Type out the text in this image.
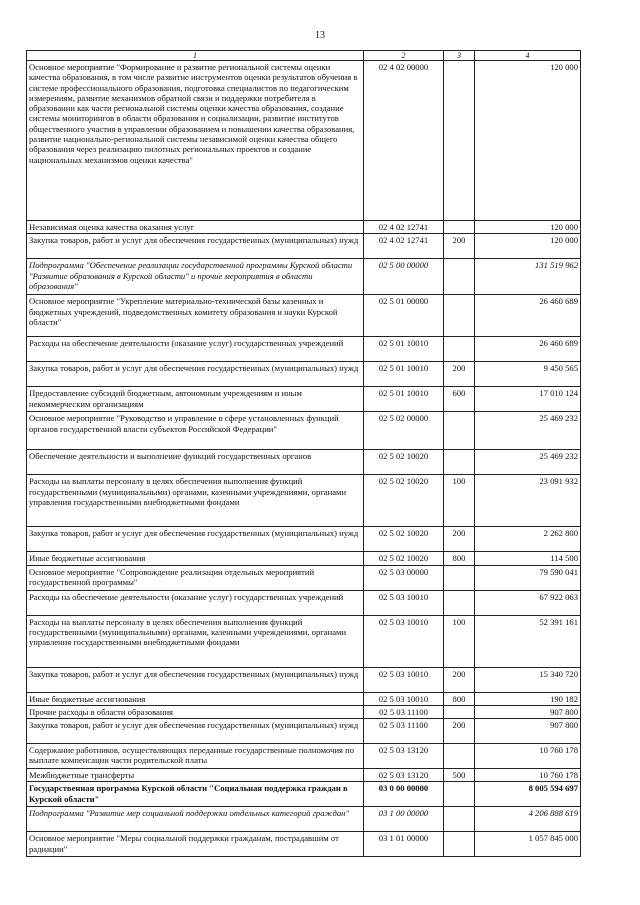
13
1	2	3	4
Основное мероприятие "Формирование и развитие региональной системы оценки качества образования, в том числе развитие инструментов оценки результатов обучения в системе профессионального образования, подготовка специалистов по педагогическим измерениям, развитие механизмов обратной связи и поддержки потребителя в образовании как части региональной системы оценки качества образования, создание системы мониторингов в области образования и социализации, развитие институтов общественного участия в управлении образованием и повышении качества образования, развитие национально-региональной системы независимой оценки качества общего образования через реализацию пилотных региональных проектов и создание национальных механизмов оценки качества"	02 4 02 00000		120 000
Независимая оценка качества оказания услуг	02 4 02 12741		120 000
Закупка товаров, работ и услуг для обеспечения государственных (муниципальных) нужд	02 4 02 12741	200	120 000
Подпрограмма "Обеспечение реализации государственной программы Курской области "Развитие образования в Курской области" и прочие мероприятия в области образования"	02 5 00 00000		131 519 962
Основное мероприятие "Укрепление материально-технической базы казенных и бюджетных учреждений, подведомственных комитету образования и науки Курской области"	02 5 01 00000		26 460 689
Расходы на обеспечение деятельности (оказание услуг) государственных учреждений	02 5 01 10010		26 460 689
Закупка товаров, работ и услуг для обеспечения государственных (муниципальных) нужд	02 5 01 10010	200	9 450 565
Предоставление субсидий бюджетным, автономным учреждениям и иным некоммерческим организациям	02 5 01 10010	600	17 010 124
Основное мероприятие "Руководство и управление в сфере установленных функций органов государственной власти субъектов Российской Федерации"	02 5 02 00000		25 469 232
Обеспечение деятельности и выполнение функций государственных органов	02 5 02 10020		25 469 232
Расходы на выплаты персоналу в целях обеспечения выполнения функций государственными (муниципальными) органами, казенными учреждениями, органами управления государственными внебюджетными фондами	02 5 02 10020	100	23 091 932
Закупка товаров, работ и услуг для обеспечения государственных (муниципальных) нужд	02 5 02 10020	200	2 262 800
Иные бюджетные ассигнования	02 5 02 10020	800	114 500
Основное мероприятие "Сопровождение реализации отдельных мероприятий государственной программы"	02 5 03 00000		79 590 041
Расходы на обеспечение деятельности (оказание услуг) государственных учреждений	02 5 03 10010		67 922 063
Расходы на выплаты персоналу в целях обеспечения выполнения функций государственными (муниципальными) органами, казенными учреждениями, органами управления государственными внебюджетными фондами	02 5 03 10010	100	52 391 161
Закупка товаров, работ и услуг для обеспечения государственных (муниципальных) нужд	02 5 03 10010	200	15 340 720
Иные бюджетные ассигнования	02 5 03 10010	800	190 182
Прочие расходы в области образования	02 5 03 11100		907 800
Закупка товаров, работ и услуг для обеспечения государственных (муниципальных) нужд	02 5 03 11100	200	907 800
Содержание работников, осуществляющих переданные государственные полномочия по выплате компенсации части родительской платы	02 5 03 13120		10 760 178
Межбюджетные трансферты	02 5 03 13120	500	10 760 178
Государственная программа Курской области "Социальная поддержка граждан в Курской области"	03 0 00 00000		8 005 594 697
Подпрограмма "Развитие мер социальной поддержки отдельных категорий граждан"	03 1 00 00000		4 206 888 619
Основное мероприятие "Меры социальной поддержки гражданам, пострадавшим от радиации"	03 1 01 00000		1 057 845 000
